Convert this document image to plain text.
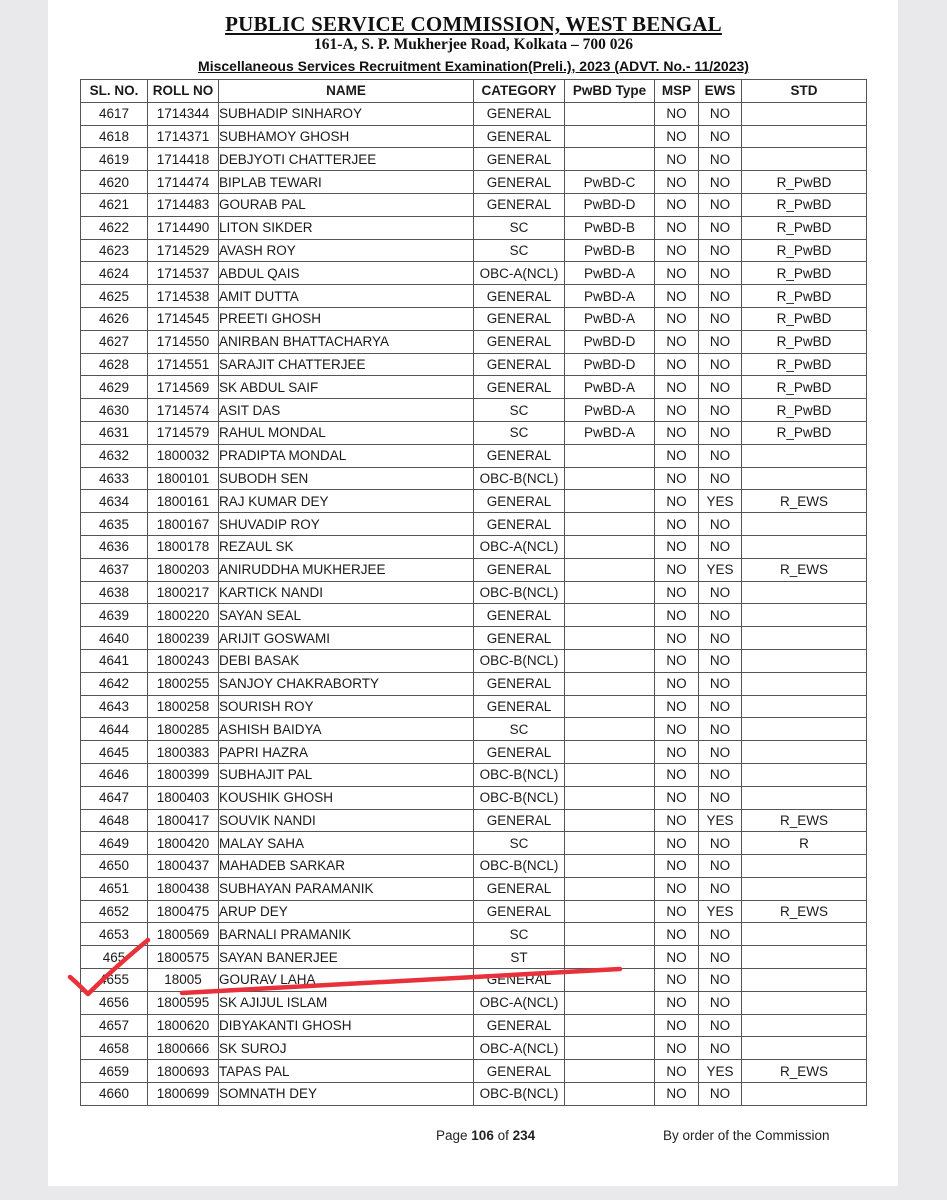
PUBLIC SERVICE COMMISSION, WEST BENGAL
161-A, S. P. Mukherjee Road, Kolkata – 700 026
Miscellaneous Services Recruitment Examination(Preli.), 2023 (ADVT. No.- 11/2023)
SL. NO.	ROLL NO	NAME	CATEGORY	PwBD Type	MSP	EWS	STD
4617	1714344	SUBHADIP SINHAROY	GENERAL		NO	NO	
4618	1714371	SUBHAMOY GHOSH	GENERAL		NO	NO	
4619	1714418	DEBJYOTI CHATTERJEE	GENERAL		NO	NO	
4620	1714474	BIPLAB TEWARI	GENERAL	PwBD-C	NO	NO	R_PwBD
4621	1714483	GOURAB PAL	GENERAL	PwBD-D	NO	NO	R_PwBD
4622	1714490	LITON SIKDER	SC	PwBD-B	NO	NO	R_PwBD
4623	1714529	AVASH ROY	SC	PwBD-B	NO	NO	R_PwBD
4624	1714537	ABDUL QAIS	OBC-A(NCL)	PwBD-A	NO	NO	R_PwBD
4625	1714538	AMIT DUTTA	GENERAL	PwBD-A	NO	NO	R_PwBD
4626	1714545	PREETI GHOSH	GENERAL	PwBD-A	NO	NO	R_PwBD
4627	1714550	ANIRBAN BHATTACHARYA	GENERAL	PwBD-D	NO	NO	R_PwBD
4628	1714551	SARAJIT CHATTERJEE	GENERAL	PwBD-D	NO	NO	R_PwBD
4629	1714569	SK ABDUL SAIF	GENERAL	PwBD-A	NO	NO	R_PwBD
4630	1714574	ASIT DAS	SC	PwBD-A	NO	NO	R_PwBD
4631	1714579	RAHUL MONDAL	SC	PwBD-A	NO	NO	R_PwBD
4632	1800032	PRADIPTA MONDAL	GENERAL		NO	NO	
4633	1800101	SUBODH SEN	OBC-B(NCL)		NO	NO	
4634	1800161	RAJ KUMAR DEY	GENERAL		NO	YES	R_EWS
4635	1800167	SHUVADIP ROY	GENERAL		NO	NO	
4636	1800178	REZAUL SK	OBC-A(NCL)		NO	NO	
4637	1800203	ANIRUDDHA MUKHERJEE	GENERAL		NO	YES	R_EWS
4638	1800217	KARTICK NANDI	OBC-B(NCL)		NO	NO	
4639	1800220	SAYAN SEAL	GENERAL		NO	NO	
4640	1800239	ARIJIT GOSWAMI	GENERAL		NO	NO	
4641	1800243	DEBI BASAK	OBC-B(NCL)		NO	NO	
4642	1800255	SANJOY CHAKRABORTY	GENERAL		NO	NO	
4643	1800258	SOURISH ROY	GENERAL		NO	NO	
4644	1800285	ASHISH BAIDYA	SC		NO	NO	
4645	1800383	PAPRI HAZRA	GENERAL		NO	NO	
4646	1800399	SUBHAJIT PAL	OBC-B(NCL)		NO	NO	
4647	1800403	KOUSHIK GHOSH	OBC-B(NCL)		NO	NO	
4648	1800417	SOUVIK NANDI	GENERAL		NO	YES	R_EWS
4649	1800420	MALAY SAHA	SC		NO	NO	R
4650	1800437	MAHADEB SARKAR	OBC-B(NCL)		NO	NO	
4651	1800438	SUBHAYAN PARAMANIK	GENERAL		NO	NO	
4652	1800475	ARUP DEY	GENERAL		NO	YES	R_EWS
4653	1800569	BARNALI PRAMANIK	SC		NO	NO	
465	1800575	SAYAN BANERJEE	ST		NO	NO	
4655	18005	GOURAV LAHA	GENERAL		NO	NO	
4656	1800595	SK AJIJUL ISLAM	OBC-A(NCL)		NO	NO	
4657	1800620	DIBYAKANTI GHOSH	GENERAL		NO	NO	
4658	1800666	SK SUROJ	OBC-A(NCL)		NO	NO	
4659	1800693	TAPAS PAL	GENERAL		NO	YES	R_EWS
4660	1800699	SOMNATH DEY	OBC-B(NCL)		NO	NO	
Page 106 of 234	By order of the Commission
